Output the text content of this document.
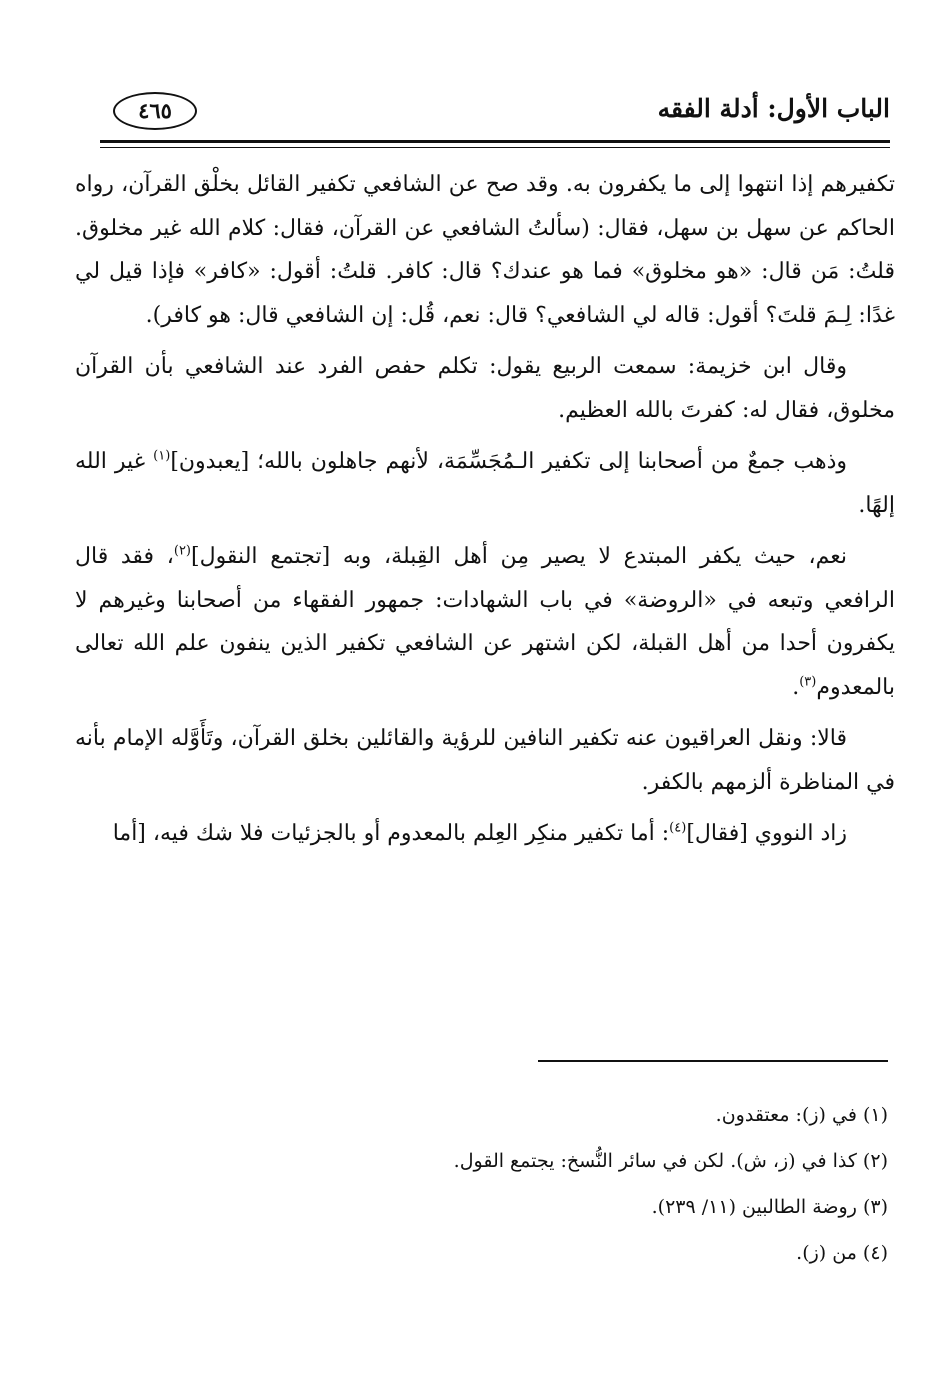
الباب الأول: أدلة الفقه
٤٦٥

تكفيرهم إذا انتهوا إلى ما يكفرون به. وقد صح عن الشافعي تكفير القائل بخلْق القرآن، رواه الحاكم عن سهل بن سهل، فقال: (سألتُ الشافعي عن القرآن، فقال: كلام الله غير مخلوق. قلتُ: مَن قال: «هو مخلوق» فما هو عندك؟ قال: كافر. قلتُ: أقول: «كافر» فإذا قيل لي غدًا: لِـمَ قلتَ؟ أقول: قاله لي الشافعي؟ قال: نعم، قُل: إن الشافعي قال: هو كافر).

وقال ابن خزيمة: سمعت الربيع يقول: تكلم حفص الفرد عند الشافعي بأن القرآن مخلوق، فقال له: كفرتَ بالله العظيم.

وذهب جمعٌ من أصحابنا إلى تكفير الـمُجَسِّمَة، لأنهم جاهلون بالله؛ [يعبدون]$^{(١)}$ غير الله إلهًا.

نعم، حيث يكفر المبتدع لا يصير مِن أهل القِبلة، وبه [تجتمع النقول]$^{(٢)}$، فقد قال الرافعي وتبعه في «الروضة» في باب الشهادات: جمهور الفقهاء من أصحابنا وغيرهم لا يكفرون أحدا من أهل القبلة، لكن اشتهر عن الشافعي تكفير الذين ينفون علم الله تعالى بالمعدوم$^{(٣)}$.

قالا: ونقل العراقيون عنه تكفير النافين للرؤية والقائلين بخلق القرآن، وتَأَوَّله الإمام بأنه في المناظرة ألزمهم بالكفر.

زاد النووي [فقال]$^{(٤)}$: أما تكفير منكِر العِلم بالمعدوم أو بالجزئيات فلا شك فيه، [أما

(١) في (ز): معتقدون.
(٢) كذا في (ز، ش). لكن في سائر النُّسخ: يجتمع القول.
(٣) روضة الطالبين (١١/ ٢٣٩).
(٤) من (ز).
